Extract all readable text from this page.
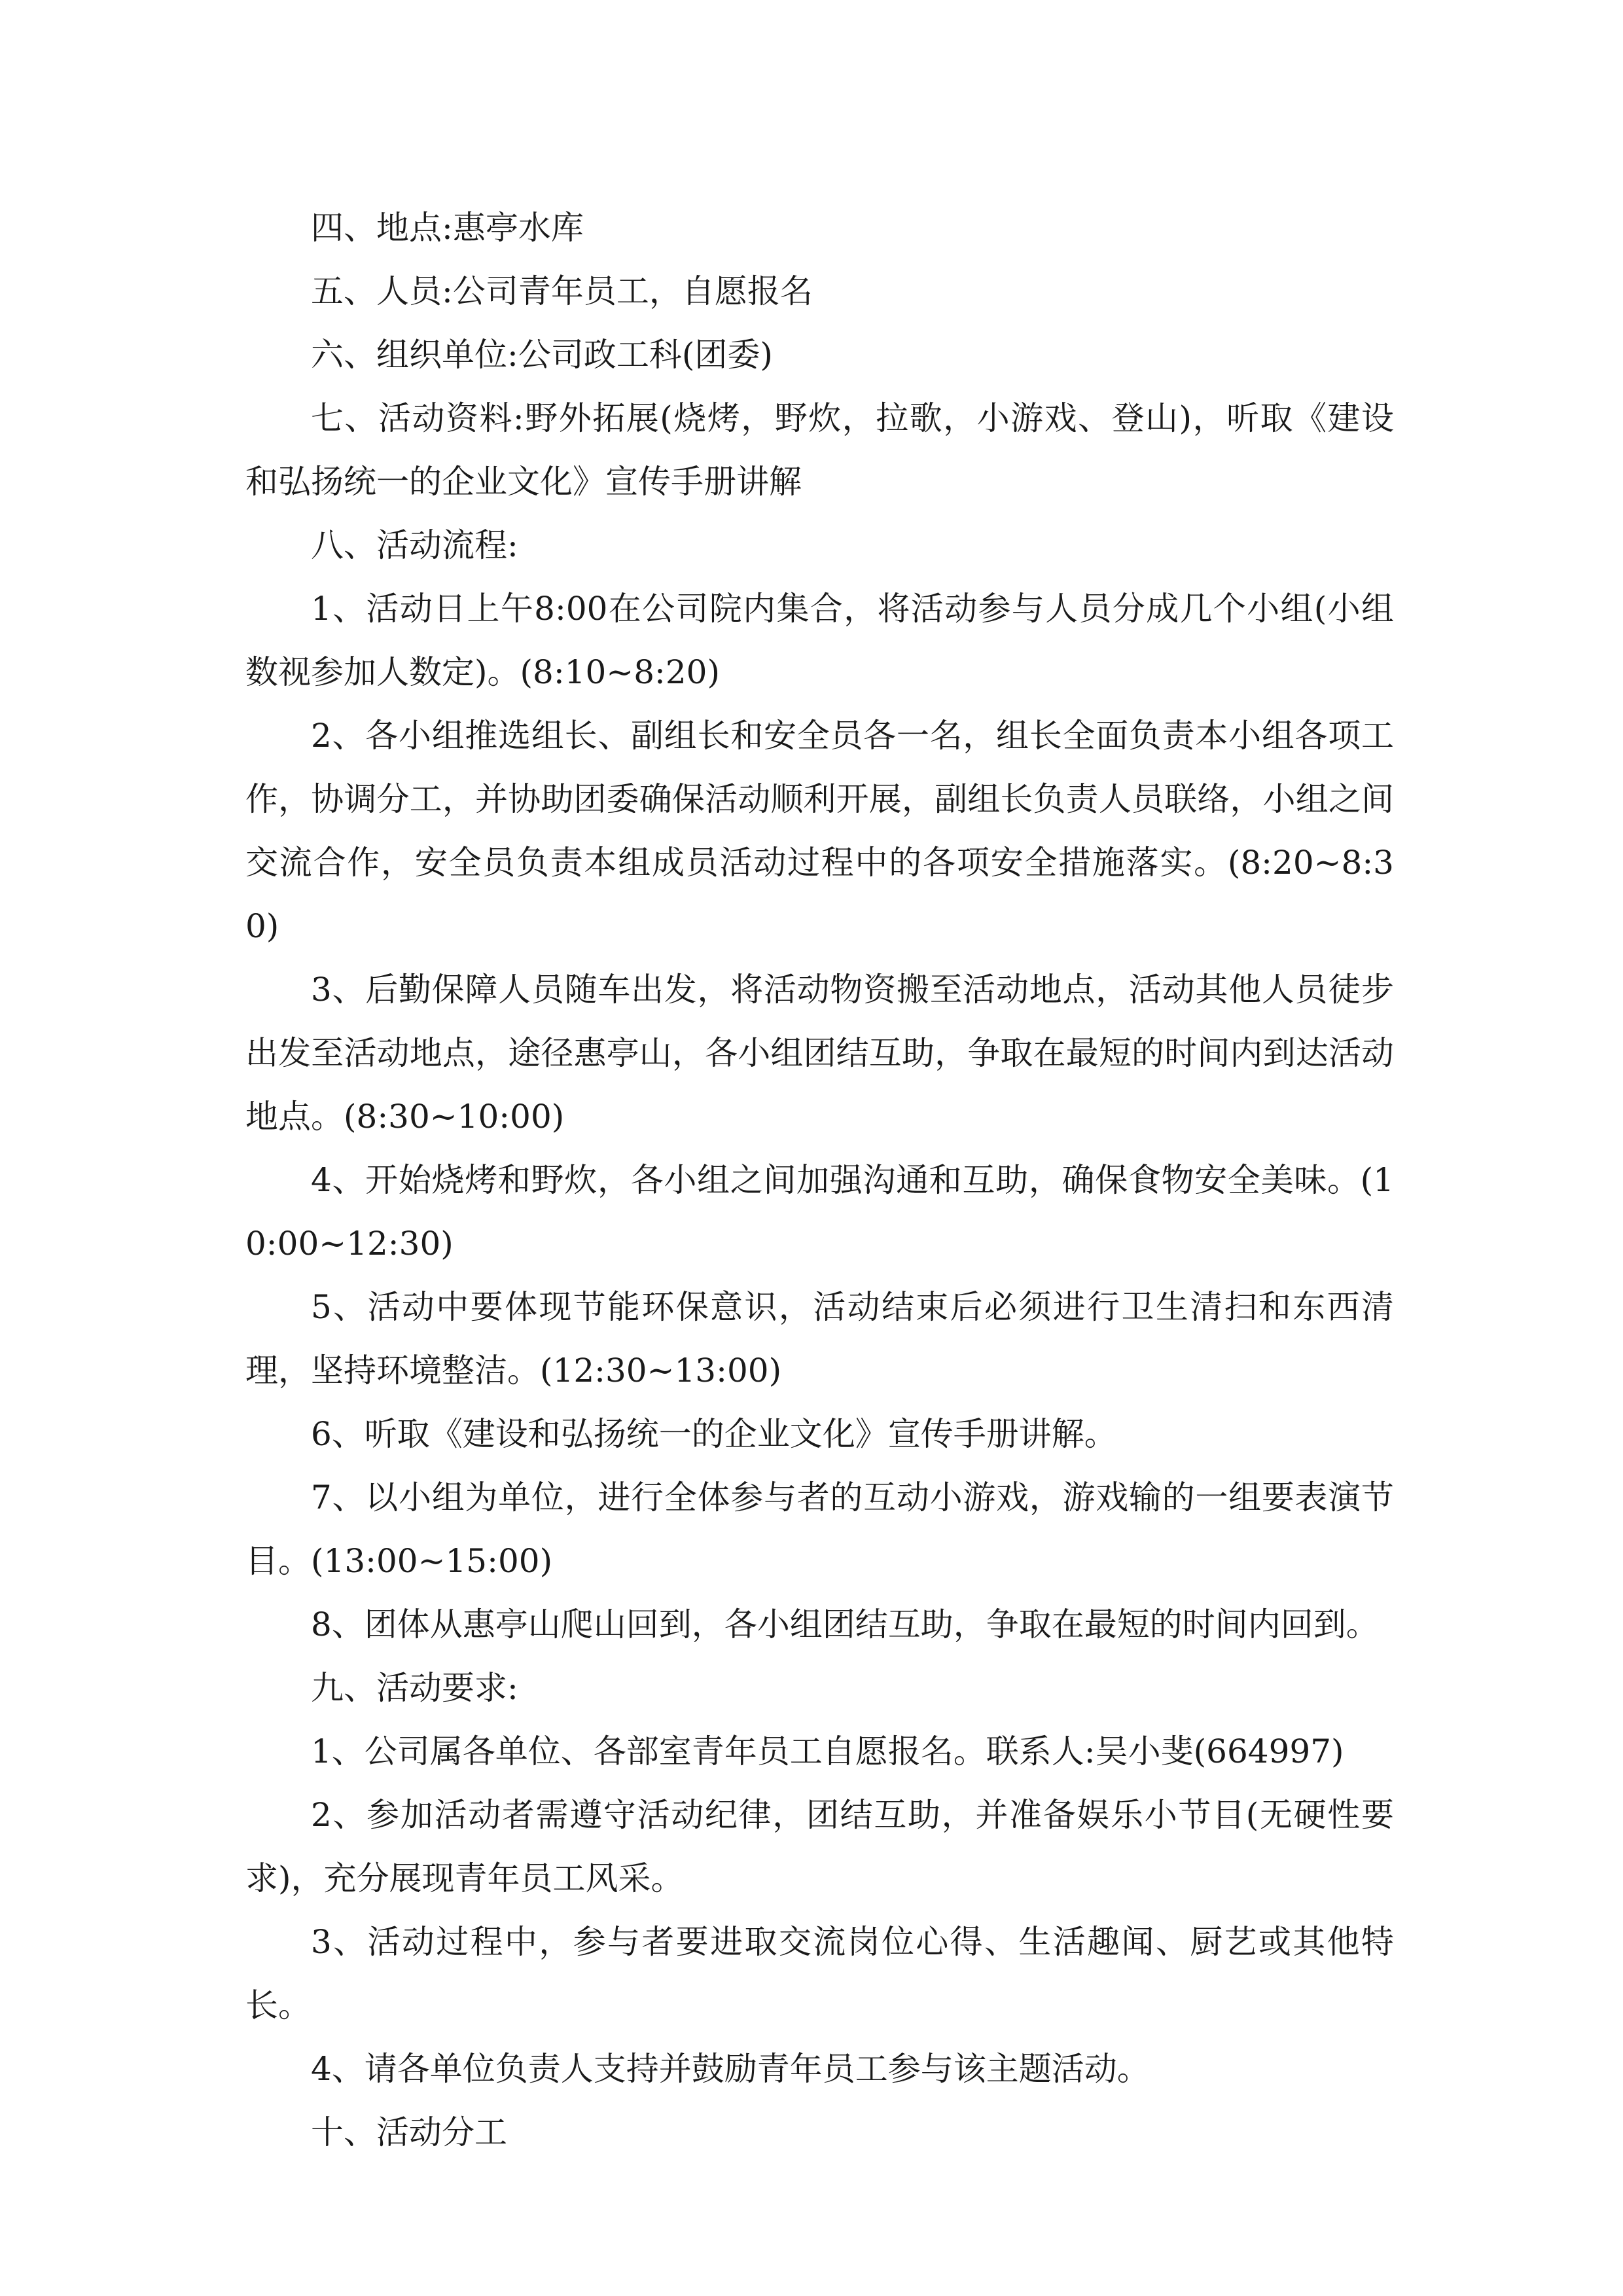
四、地点:惠亭水库

五、人员:公司青年员工，自愿报名

六、组织单位:公司政工科(团委)

七、活动资料:野外拓展(烧烤，野炊，拉歌，小游戏、登山)，听取《建设和弘扬统一的企业文化》宣传手册讲解

八、活动流程:

1、活动日上午8:00在公司院内集合，将活动参与人员分成几个小组(小组数视参加人数定)。(8:10~8:20)

2、各小组推选组长、副组长和安全员各一名，组长全面负责本小组各项工作，协调分工，并协助团委确保活动顺利开展，副组长负责人员联络，小组之间交流合作，安全员负责本组成员活动过程中的各项安全措施落实。(8:20~8:30)

3、后勤保障人员随车出发，将活动物资搬至活动地点，活动其他人员徒步出发至活动地点，途径惠亭山，各小组团结互助，争取在最短的时间内到达活动地点。(8:30~10:00)

4、开始烧烤和野炊，各小组之间加强沟通和互助，确保食物安全美味。(10:00~12:30)

5、活动中要体现节能环保意识，活动结束后必须进行卫生清扫和东西清理，坚持环境整洁。(12:30~13:00)

6、听取《建设和弘扬统一的企业文化》宣传手册讲解。

7、以小组为单位，进行全体参与者的互动小游戏，游戏输的一组要表演节目。(13:00~15:00)

8、团体从惠亭山爬山回到，各小组团结互助，争取在最短的时间内回到。

九、活动要求:

1、公司属各单位、各部室青年员工自愿报名。联系人:吴小斐(664997)

2、参加活动者需遵守活动纪律，团结互助，并准备娱乐小节目(无硬性要求)，充分展现青年员工风采。

3、活动过程中，参与者要进取交流岗位心得、生活趣闻、厨艺或其他特长。

4、请各单位负责人支持并鼓励青年员工参与该主题活动。

十、活动分工
